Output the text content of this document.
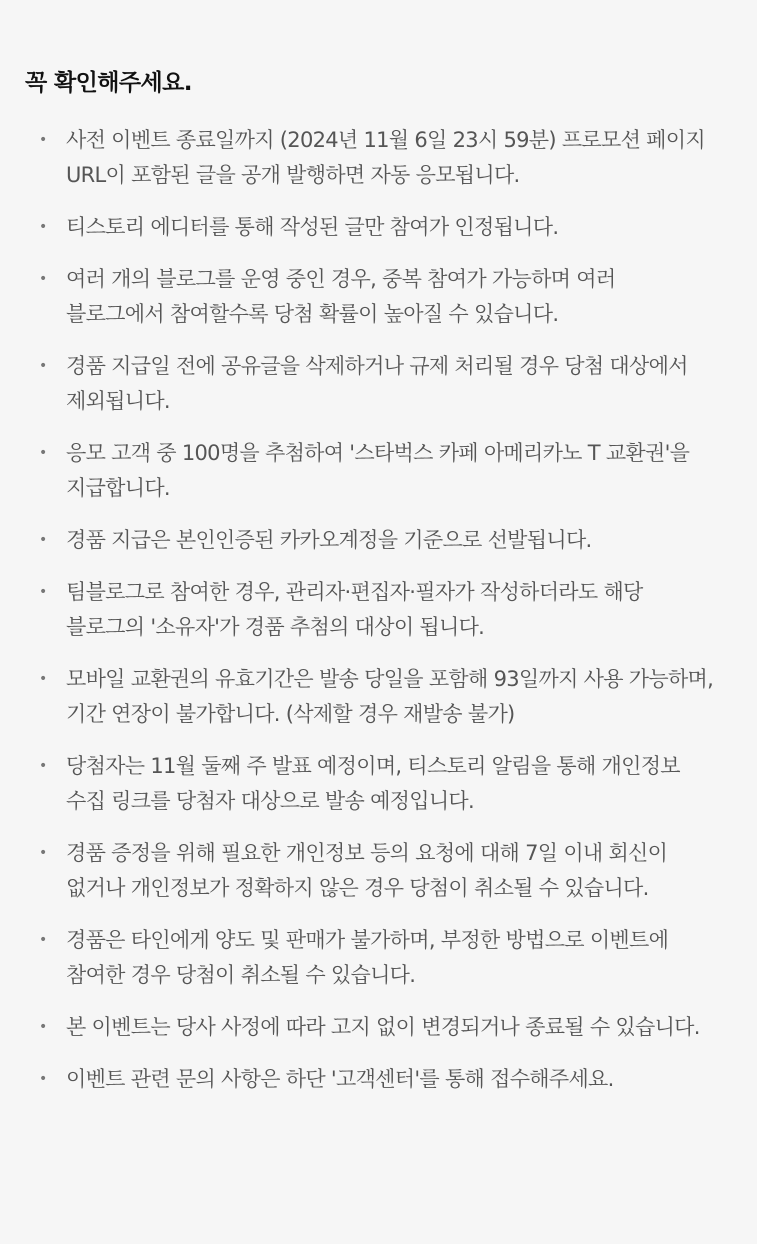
꼭 확인해주세요.
• 사전 이벤트 종료일까지 (2024년 11월 6일 23시 59분) 프로모션 페이지 URL이 포함된 글을 공개 발행하면 자동 응모됩니다.
• 티스토리 에디터를 통해 작성된 글만 참여가 인정됩니다.
• 여러 개의 블로그를 운영 중인 경우, 중복 참여가 가능하며 여러 블로그에서 참여할수록 당첨 확률이 높아질 수 있습니다.
• 경품 지급일 전에 공유글을 삭제하거나 규제 처리될 경우 당첨 대상에서 제외됩니다.
• 응모 고객 중 100명을 추첨하여 '스타벅스 카페 아메리카노 T 교환권'을 지급합니다.
• 경품 지급은 본인인증된 카카오계정을 기준으로 선발됩니다.
• 팀블로그로 참여한 경우, 관리자·편집자·필자가 작성하더라도 해당 블로그의 '소유자'가 경품 추첨의 대상이 됩니다.
• 모바일 교환권의 유효기간은 발송 당일을 포함해 93일까지 사용 가능하며, 기간 연장이 불가합니다. (삭제할 경우 재발송 불가)
• 당첨자는 11월 둘째 주 발표 예정이며, 티스토리 알림을 통해 개인정보 수집 링크를 당첨자 대상으로 발송 예정입니다.
• 경품 증정을 위해 필요한 개인정보 등의 요청에 대해 7일 이내 회신이 없거나 개인정보가 정확하지 않은 경우 당첨이 취소될 수 있습니다.
• 경품은 타인에게 양도 및 판매가 불가하며, 부정한 방법으로 이벤트에 참여한 경우 당첨이 취소될 수 있습니다.
• 본 이벤트는 당사 사정에 따라 고지 없이 변경되거나 종료될 수 있습니다.
• 이벤트 관련 문의 사항은 하단 '고객센터'를 통해 접수해주세요.
